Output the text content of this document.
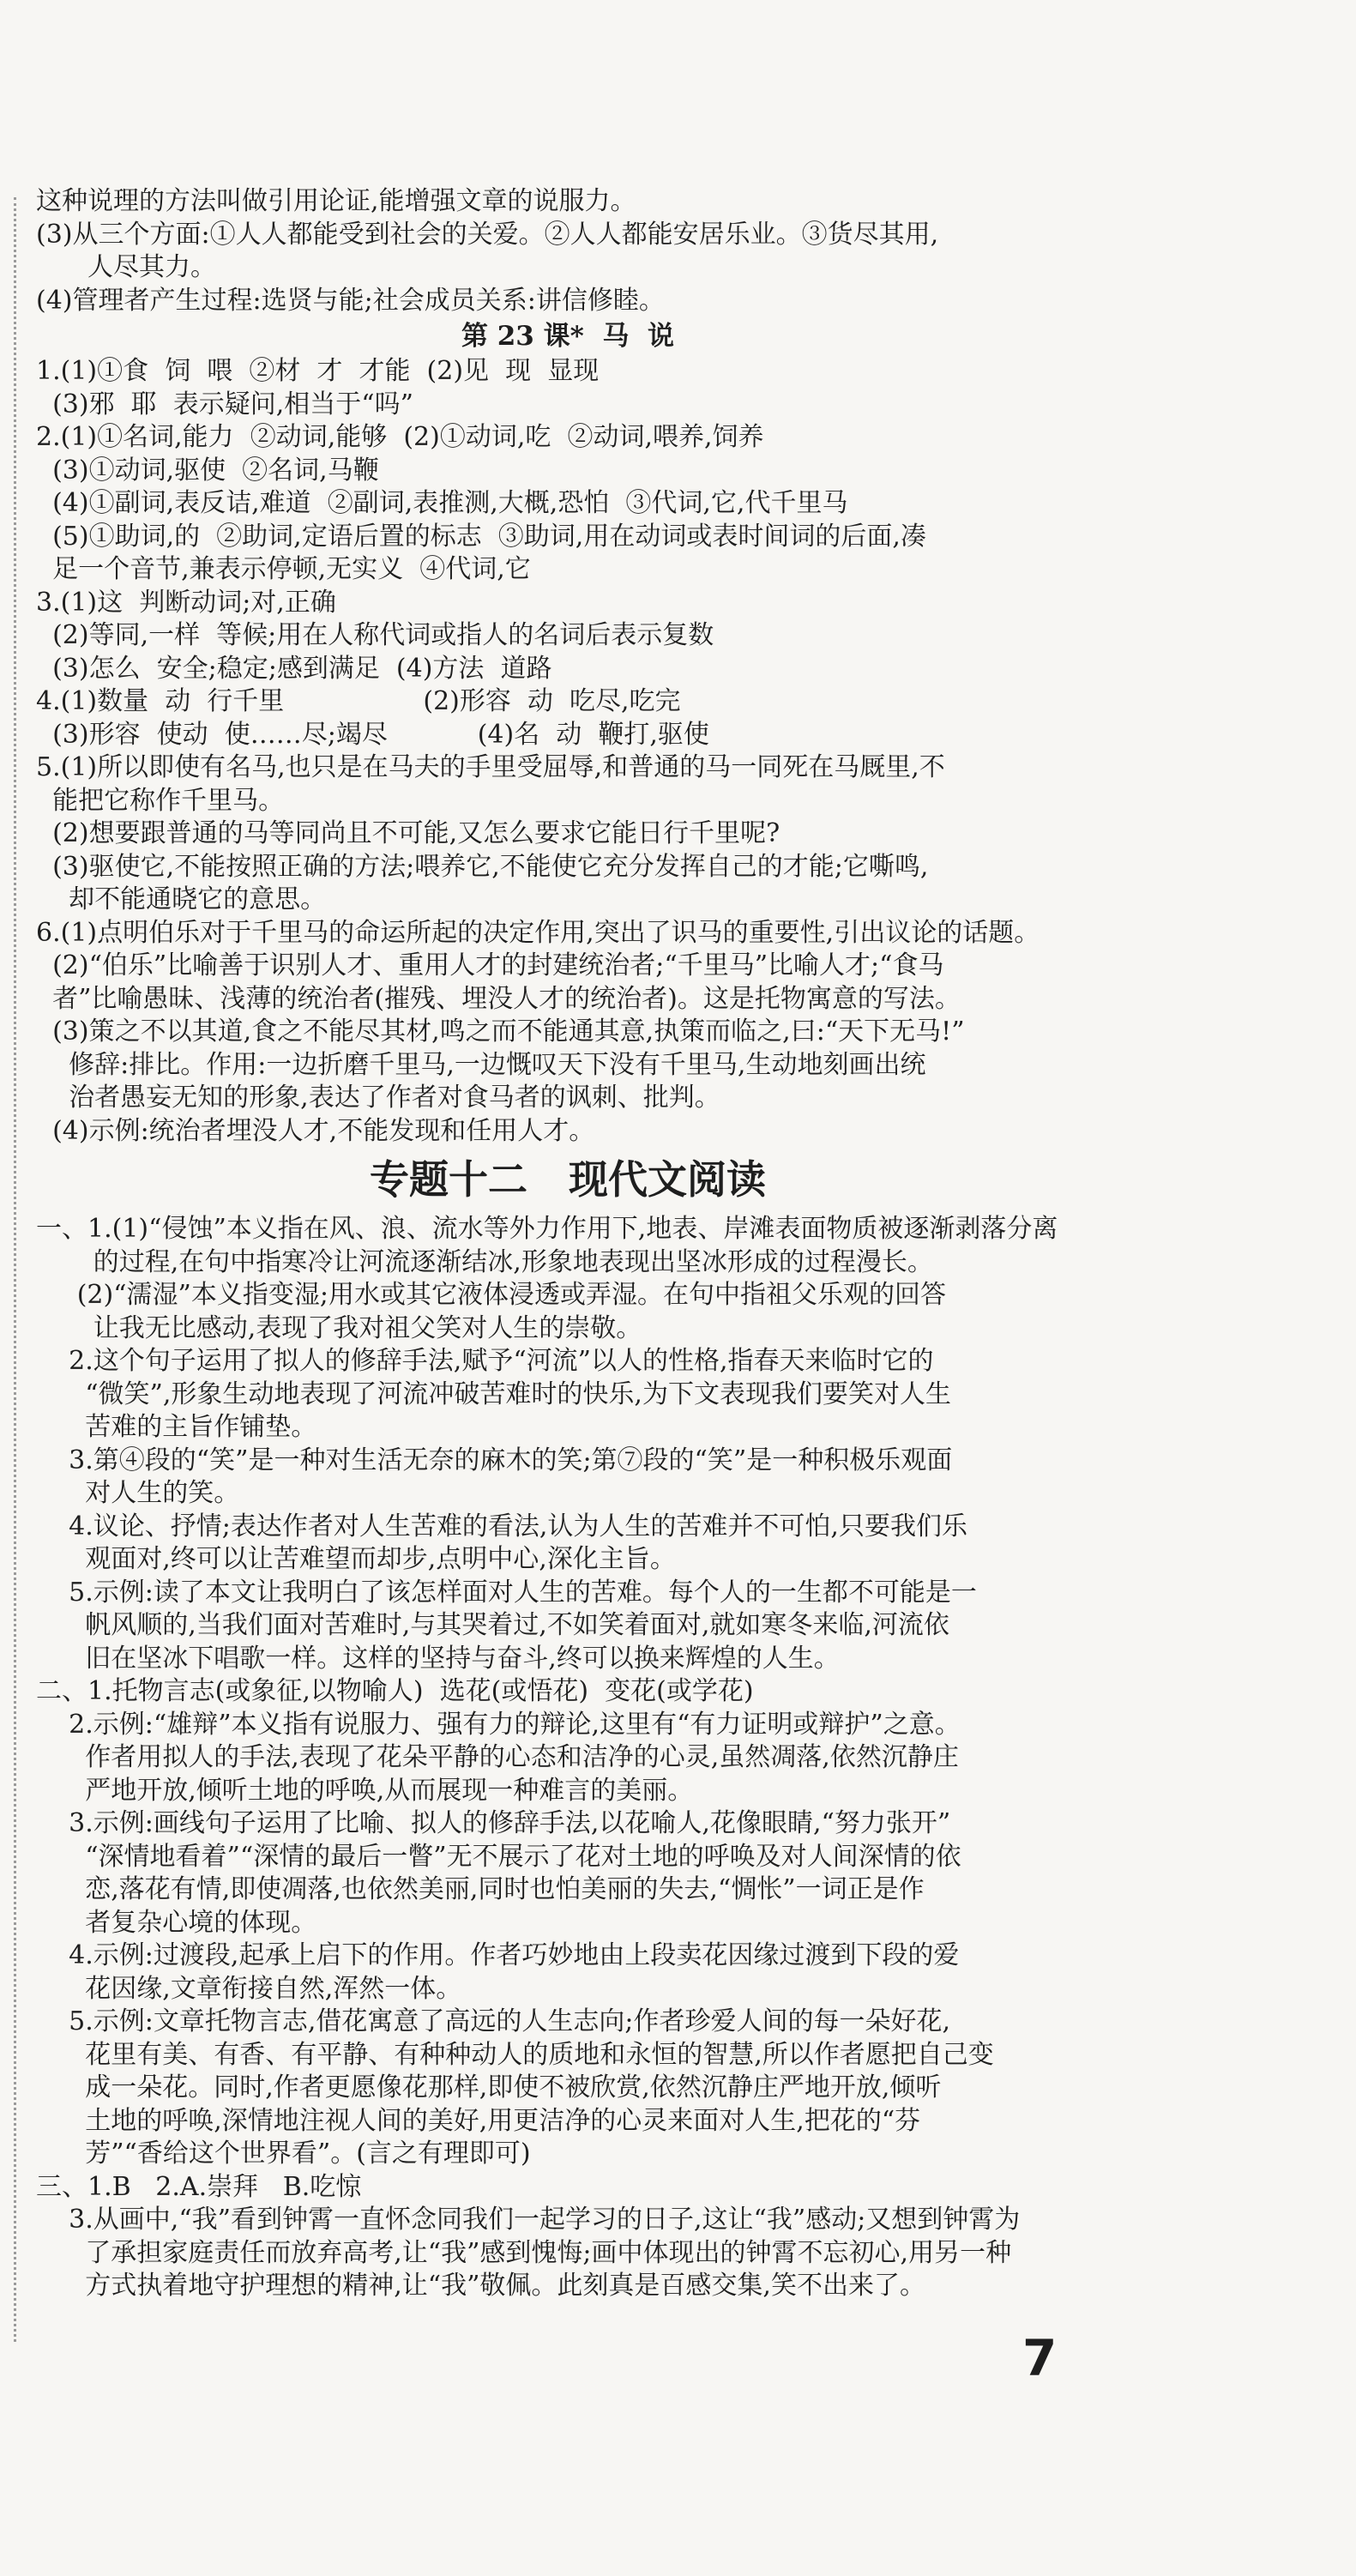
这种说理的方法叫做引用论证,能增强文章的说服力。
(3)从三个方面:①人人都能受到社会的关爱。②人人都能安居乐业。③货尽其用,
人尽其力。
(4)管理者产生过程:选贤与能;社会成员关系:讲信修睦。
第 23 课*  马  说
1.(1)①食  饲  喂  ②材  才  才能  (2)见  现  显现
(3)邪  耶  表示疑问,相当于“吗”
2.(1)①名词,能力  ②动词,能够  (2)①动词,吃  ②动词,喂养,饲养
(3)①动词,驱使  ②名词,马鞭
(4)①副词,表反诘,难道  ②副词,表推测,大概,恐怕  ③代词,它,代千里马
(5)①助词,的  ②助词,定语后置的标志  ③助词,用在动词或表时间词的后面,凑
足一个音节,兼表示停顿,无实义  ④代词,它
3.(1)这  判断动词;对,正确
(2)等同,一样  等候;用在人称代词或指人的名词后表示复数
(3)怎么  安全;稳定;感到满足  (4)方法  道路
4.(1)数量  动  行千里                 (2)形容  动  吃尽,吃完
(3)形容  使动  使……尽;竭尽           (4)名  动  鞭打,驱使
5.(1)所以即使有名马,也只是在马夫的手里受屈辱,和普通的马一同死在马厩里,不
能把它称作千里马。
(2)想要跟普通的马等同尚且不可能,又怎么要求它能日行千里呢?
(3)驱使它,不能按照正确的方法;喂养它,不能使它充分发挥自己的才能;它嘶鸣,
却不能通晓它的意思。
6.(1)点明伯乐对于千里马的命运所起的决定作用,突出了识马的重要性,引出议论的话题。
(2)“伯乐”比喻善于识别人才、重用人才的封建统治者;“千里马”比喻人才;“食马
者”比喻愚昧、浅薄的统治者(摧残、埋没人才的统治者)。这是托物寓意的写法。
(3)策之不以其道,食之不能尽其材,鸣之而不能通其意,执策而临之,曰:“天下无马!”
修辞:排比。作用:一边折磨千里马,一边慨叹天下没有千里马,生动地刻画出统
治者愚妄无知的形象,表达了作者对食马者的讽刺、批判。
(4)示例:统治者埋没人才,不能发现和任用人才。
专题十二   现代文阅读
一、1.(1)“侵蚀”本义指在风、浪、流水等外力作用下,地表、岸滩表面物质被逐渐剥落分离
的过程,在句中指寒冷让河流逐渐结冰,形象地表现出坚冰形成的过程漫长。
(2)“濡湿”本义指变湿;用水或其它液体浸透或弄湿。在句中指祖父乐观的回答
让我无比感动,表现了我对祖父笑对人生的崇敬。
2.这个句子运用了拟人的修辞手法,赋予“河流”以人的性格,指春天来临时它的
“微笑”,形象生动地表现了河流冲破苦难时的快乐,为下文表现我们要笑对人生
苦难的主旨作铺垫。
3.第④段的“笑”是一种对生活无奈的麻木的笑;第⑦段的“笑”是一种积极乐观面
对人生的笑。
4.议论、抒情;表达作者对人生苦难的看法,认为人生的苦难并不可怕,只要我们乐
观面对,终可以让苦难望而却步,点明中心,深化主旨。
5.示例:读了本文让我明白了该怎样面对人生的苦难。每个人的一生都不可能是一
帆风顺的,当我们面对苦难时,与其哭着过,不如笑着面对,就如寒冬来临,河流依
旧在坚冰下唱歌一样。这样的坚持与奋斗,终可以换来辉煌的人生。
二、1.托物言志(或象征,以物喻人)  选花(或悟花)  变花(或学花)
2.示例:“雄辩”本义指有说服力、强有力的辩论,这里有“有力证明或辩护”之意。
作者用拟人的手法,表现了花朵平静的心态和洁净的心灵,虽然凋落,依然沉静庄
严地开放,倾听土地的呼唤,从而展现一种难言的美丽。
3.示例:画线句子运用了比喻、拟人的修辞手法,以花喻人,花像眼睛,“努力张开”
“深情地看着”“深情的最后一瞥”无不展示了花对土地的呼唤及对人间深情的依
恋,落花有情,即使凋落,也依然美丽,同时也怕美丽的失去,“惆怅”一词正是作
者复杂心境的体现。
4.示例:过渡段,起承上启下的作用。作者巧妙地由上段卖花因缘过渡到下段的爱
花因缘,文章衔接自然,浑然一体。
5.示例:文章托物言志,借花寓意了高远的人生志向;作者珍爱人间的每一朵好花,
花里有美、有香、有平静、有种种动人的质地和永恒的智慧,所以作者愿把自己变
成一朵花。同时,作者更愿像花那样,即使不被欣赏,依然沉静庄严地开放,倾听
土地的呼唤,深情地注视人间的美好,用更洁净的心灵来面对人生,把花的“芬
芳”“香给这个世界看”。(言之有理即可)
三、1.B   2.A.崇拜   B.吃惊
3.从画中,“我”看到钟霄一直怀念同我们一起学习的日子,这让“我”感动;又想到钟霄为
了承担家庭责任而放弃高考,让“我”感到愧悔;画中体现出的钟霄不忘初心,用另一种
方式执着地守护理想的精神,让“我”敬佩。此刻真是百感交集,笑不出来了。
7
